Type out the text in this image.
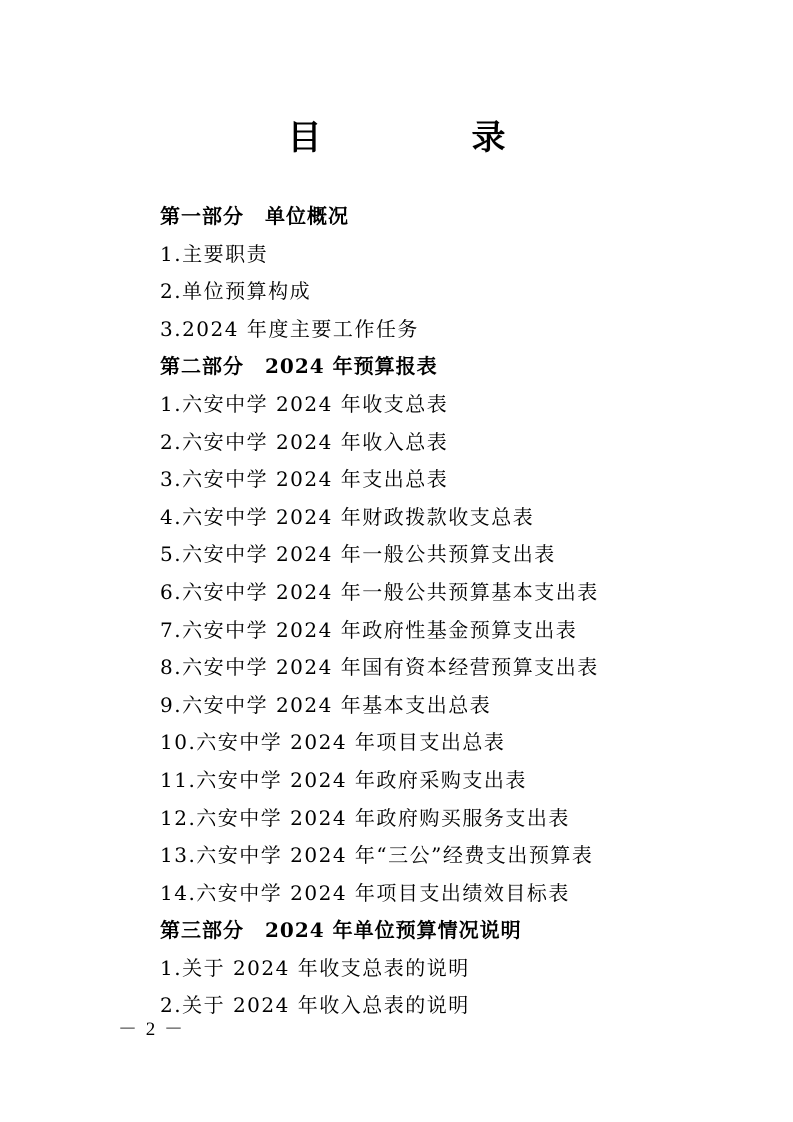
目　录
第一部分　单位概况
1.主要职责
2.单位预算构成
3.2024 年度主要工作任务
第二部分　2024 年预算报表
1.六安中学 2024 年收支总表
2.六安中学 2024 年收入总表
3.六安中学 2024 年支出总表
4.六安中学 2024 年财政拨款收支总表
5.六安中学 2024 年一般公共预算支出表
6.六安中学 2024 年一般公共预算基本支出表
7.六安中学 2024 年政府性基金预算支出表
8.六安中学 2024 年国有资本经营预算支出表
9.六安中学 2024 年基本支出总表
10.六安中学 2024 年项目支出总表
11.六安中学 2024 年政府采购支出表
12.六安中学 2024 年政府购买服务支出表
13.六安中学 2024 年“三公”经费支出预算表
14.六安中学 2024 年项目支出绩效目标表
第三部分　2024 年单位预算情况说明
1.关于 2024 年收支总表的说明
2.关于 2024 年收入总表的说明
－ 2 －
